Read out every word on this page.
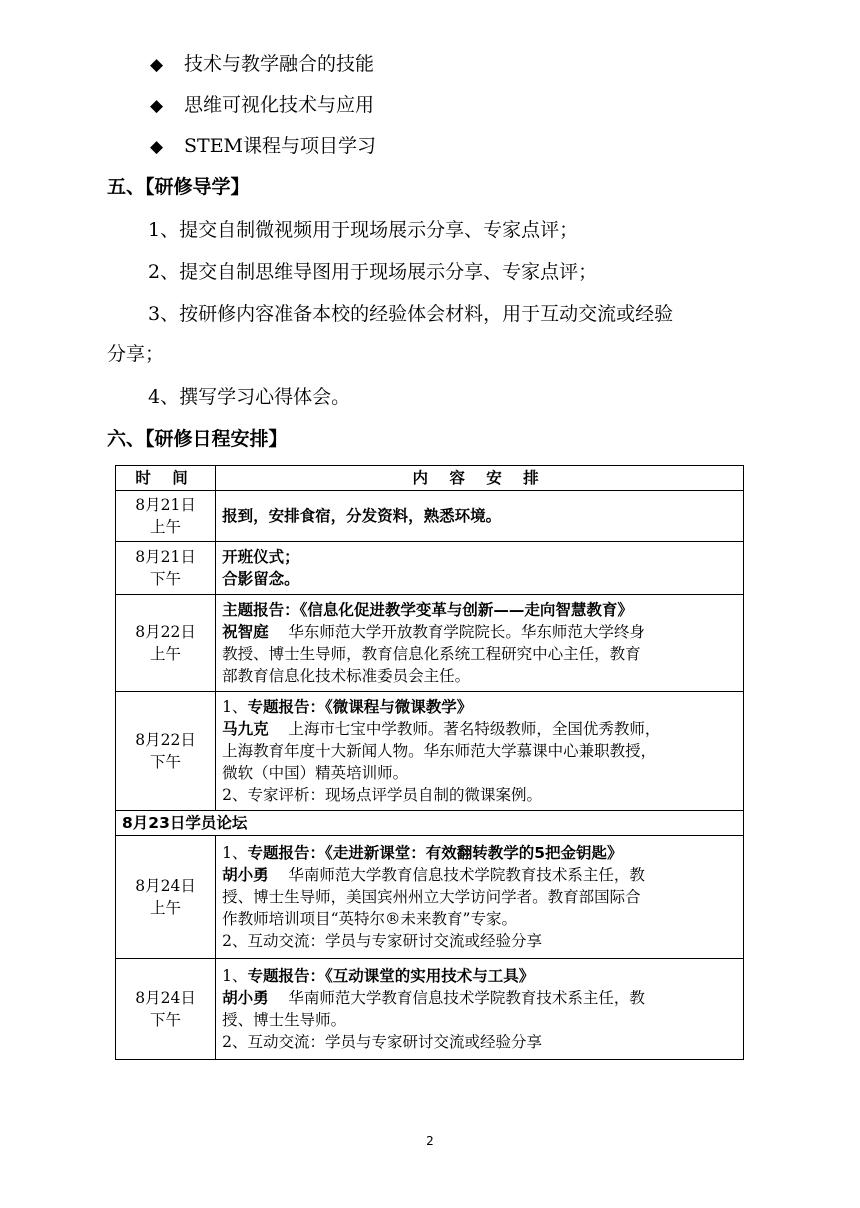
◆ 技术与教学融合的技能
◆ 思维可视化技术与应用
◆ STEM课程与项目学习
五、【研修导学】
1、提交自制微视频用于现场展示分享、专家点评；
2、提交自制思维导图用于现场展示分享、专家点评；
3、按研修内容准备本校的经验体会材料，用于互动交流或经验
分享；
4、撰写学习心得体会。
六、【研修日程安排】
时 间	内 容 安 排

8月21日
上午	报到，安排食宿，分发资料，熟悉环境。

8月21日
下午	开班仪式；
合影留念。

8月22日
上午	主题报告：《信息化促进教学变革与创新——走向智慧教育》
祝智庭 华东师范大学开放教育学院院长。华东师范大学终身
教授、博士生导师，教育信息化系统工程研究中心主任，教育
部教育信息化技术标准委员会主任。

8月22日
下午	1、专题报告：《微课程与微课教学》
马九克 上海市七宝中学教师。著名特级教师，全国优秀教师，
上海教育年度十大新闻人物。华东师范大学慕课中心兼职教授，
微软（中国）精英培训师。
2、专家评析：现场点评学员自制的微课案例。

8月23日学员论坛	

8月24日
上午	1、专题报告：《走进新课堂：有效翻转教学的5把金钥匙》
胡小勇 华南师范大学教育信息技术学院教育技术系主任，教
授、博士生导师，美国宾州州立大学访问学者。教育部国际合
作教师培训项目“英特尔®未来教育”专家。
2、互动交流：学员与专家研讨交流或经验分享

8月24日
下午	1、专题报告：《互动课堂的实用技术与工具》
胡小勇 华南师范大学教育信息技术学院教育技术系主任，教
授、博士生导师。
2、互动交流：学员与专家研讨交流或经验分享
2
